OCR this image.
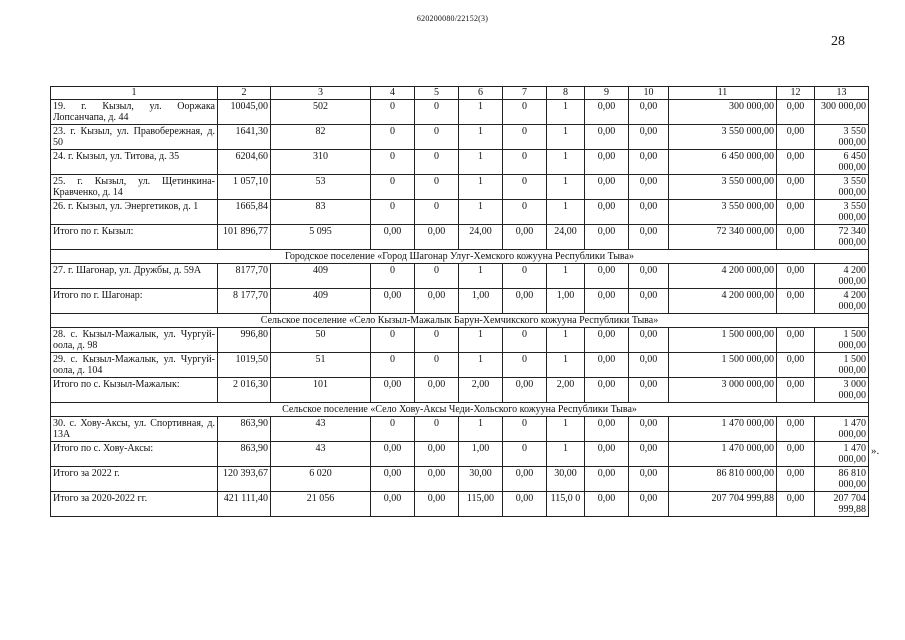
620200080/22152(3)
28
1	2	3	4	5	6	7	8	9	10	11	12	13
19. г. Кызыл, ул. Ооржака Лопсанчапа, д. 44	10045,00	502	0	0	1	0	1	0,00	0,00	300 000,00	0,00	300 000,00
23. г. Кызыл, ул. Правобережная, д. 50	1641,30	82	0	0	1	0	1	0,00	0,00	3 550 000,00	0,00	3 550 000,00
24. г. Кызыл, ул. Титова, д. 35	6204,60	310	0	0	1	0	1	0,00	0,00	6 450 000,00	0,00	6 450 000,00
25. г. Кызыл, ул. Щетинкина-Кравченко, д. 14	1 057,10	53	0	0	1	0	1	0,00	0,00	3 550 000,00	0,00	3 550 000,00
26. г. Кызыл, ул. Энергетиков, д. 1	1665,84	83	0	0	1	0	1	0,00	0,00	3 550 000,00	0,00	3 550 000,00
Итого по г. Кызыл:	101 896,77	5 095	0,00	0,00	24,00	0,00	24,00	0,00	0,00	72 340 000,00	0,00	72 340 000,00
Городское поселение «Город Шагонар Улуг-Хемского кожууна Республики Тыва»												
27. г. Шагонар, ул. Дружбы, д. 59А	8177,70	409	0	0	1	0	1	0,00	0,00	4 200 000,00	0,00	4 200 000,00
Итого по г. Шагонар:	8 177,70	409	0,00	0,00	1,00	0,00	1,00	0,00	0,00	4 200 000,00	0,00	4 200 000,00
Сельское поселение «Село Кызыл-Мажалык Барун-Хемчикского кожууна Республики Тыва»												
28. с. Кызыл-Мажалык, ул. Чургуй-оола, д. 98	996,80	50	0	0	1	0	1	0,00	0,00	1 500 000,00	0,00	1 500 000,00
29. с. Кызыл-Мажалык, ул. Чургуй-оола, д. 104	1019,50	51	0	0	1	0	1	0,00	0,00	1 500 000,00	0,00	1 500 000,00
Итого по с. Кызыл-Мажалык:	2 016,30	101	0,00	0,00	2,00	0,00	2,00	0,00	0,00	3 000 000,00	0,00	3 000 000,00
Сельское поселение «Село Хову-Аксы Чеди-Хольского кожууна Республики Тыва»												
30. с. Хову-Аксы, ул. Спортивная, д. 13А	863,90	43	0	0	1	0	1	0,00	0,00	1 470 000,00	0,00	1 470 000,00
Итого по с. Хову-Аксы:	863,90	43	0,00	0,00	1,00	0	1	0,00	0,00	1 470 000,00	0,00	1 470 000,00
Итого за 2022 г.	120 393,67	6 020	0,00	0,00	30,00	0,00	30,00	0,00	0,00	86 810 000,00	0,00	86 810 000,00
Итого за 2020-2022 гг.	421 111,40	21 056	0,00	0,00	115,00	0,00	115,0 0	0,00	0,00	207 704 999,88	0,00	207 704 999,88
».
